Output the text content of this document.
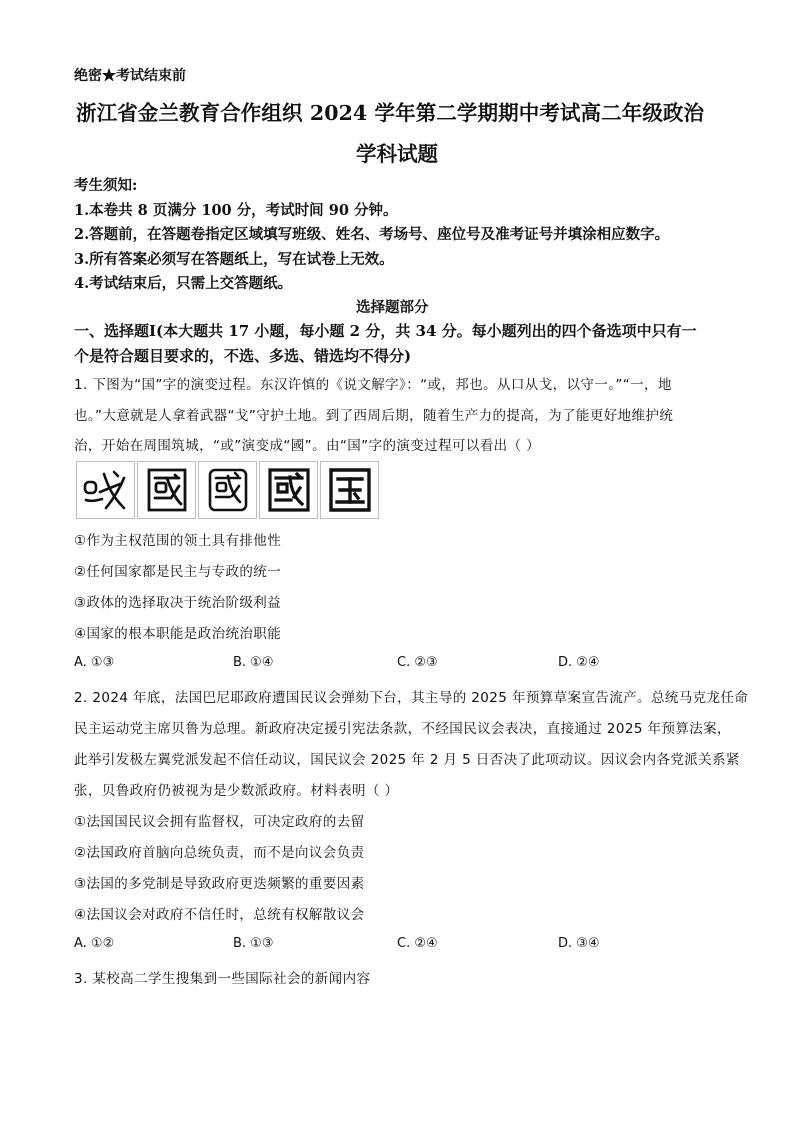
绝密★考试结束前
浙江省金兰教育合作组织 2024 学年第二学期期中考试高二年级政治
学科试题
考生须知:
1.本卷共 8 页满分 100 分，考试时间 90 分钟。
2.答题前，在答题卷指定区域填写班级、姓名、考场号、座位号及准考证号并填涂相应数字。
3.所有答案必须写在答题纸上，写在试卷上无效。
4.考试结束后，只需上交答题纸。
选择题部分
一、选择题Ⅰ(本大题共 17 小题，每小题 2 分，共 34 分。每小题列出的四个备选项中只有一
个是符合题目要求的，不选、多选、错选均不得分)
1. 下图为“国”字的演变过程。东汉许慎的《说文解字》：“或，邦也。从口从戈，以守一。”“一，地
也。”大意就是人拿着武器“戈”守护土地。到了西周后期，随着生产力的提高，为了能更好地维护统
治，开始在周围筑城，“或”演变成“國”。由“国”字的演变过程可以看出（ ）
①作为主权范围的领土具有排他性
②任何国家都是民主与专政的统一
③政体的选择取决于统治阶级利益
④国家的根本职能是政治统治职能
A. ①③	B. ①④	C. ②③	D. ②④
2. 2024 年底，法国巴尼耶政府遭国民议会弹劾下台，其主导的 2025 年预算草案宣告流产。总统马克龙任命
民主运动党主席贝鲁为总理。新政府决定援引宪法条款，不经国民议会表决，直接通过 2025 年预算法案，
此举引发极左翼党派发起不信任动议，国民议会 2025 年 2 月 5 日否决了此项动议。因议会内各党派关系紧
张，贝鲁政府仍被视为是少数派政府。材料表明（ ）
①法国国民议会拥有监督权，可决定政府的去留
②法国政府首脑向总统负责，而不是向议会负责
③法国的多党制是导致政府更迭频繁的重要因素
④法国议会对政府不信任时，总统有权解散议会
A. ①②	B. ①③	C. ②④	D. ③④
3. 某校高二学生搜集到一些国际社会的新闻内容
